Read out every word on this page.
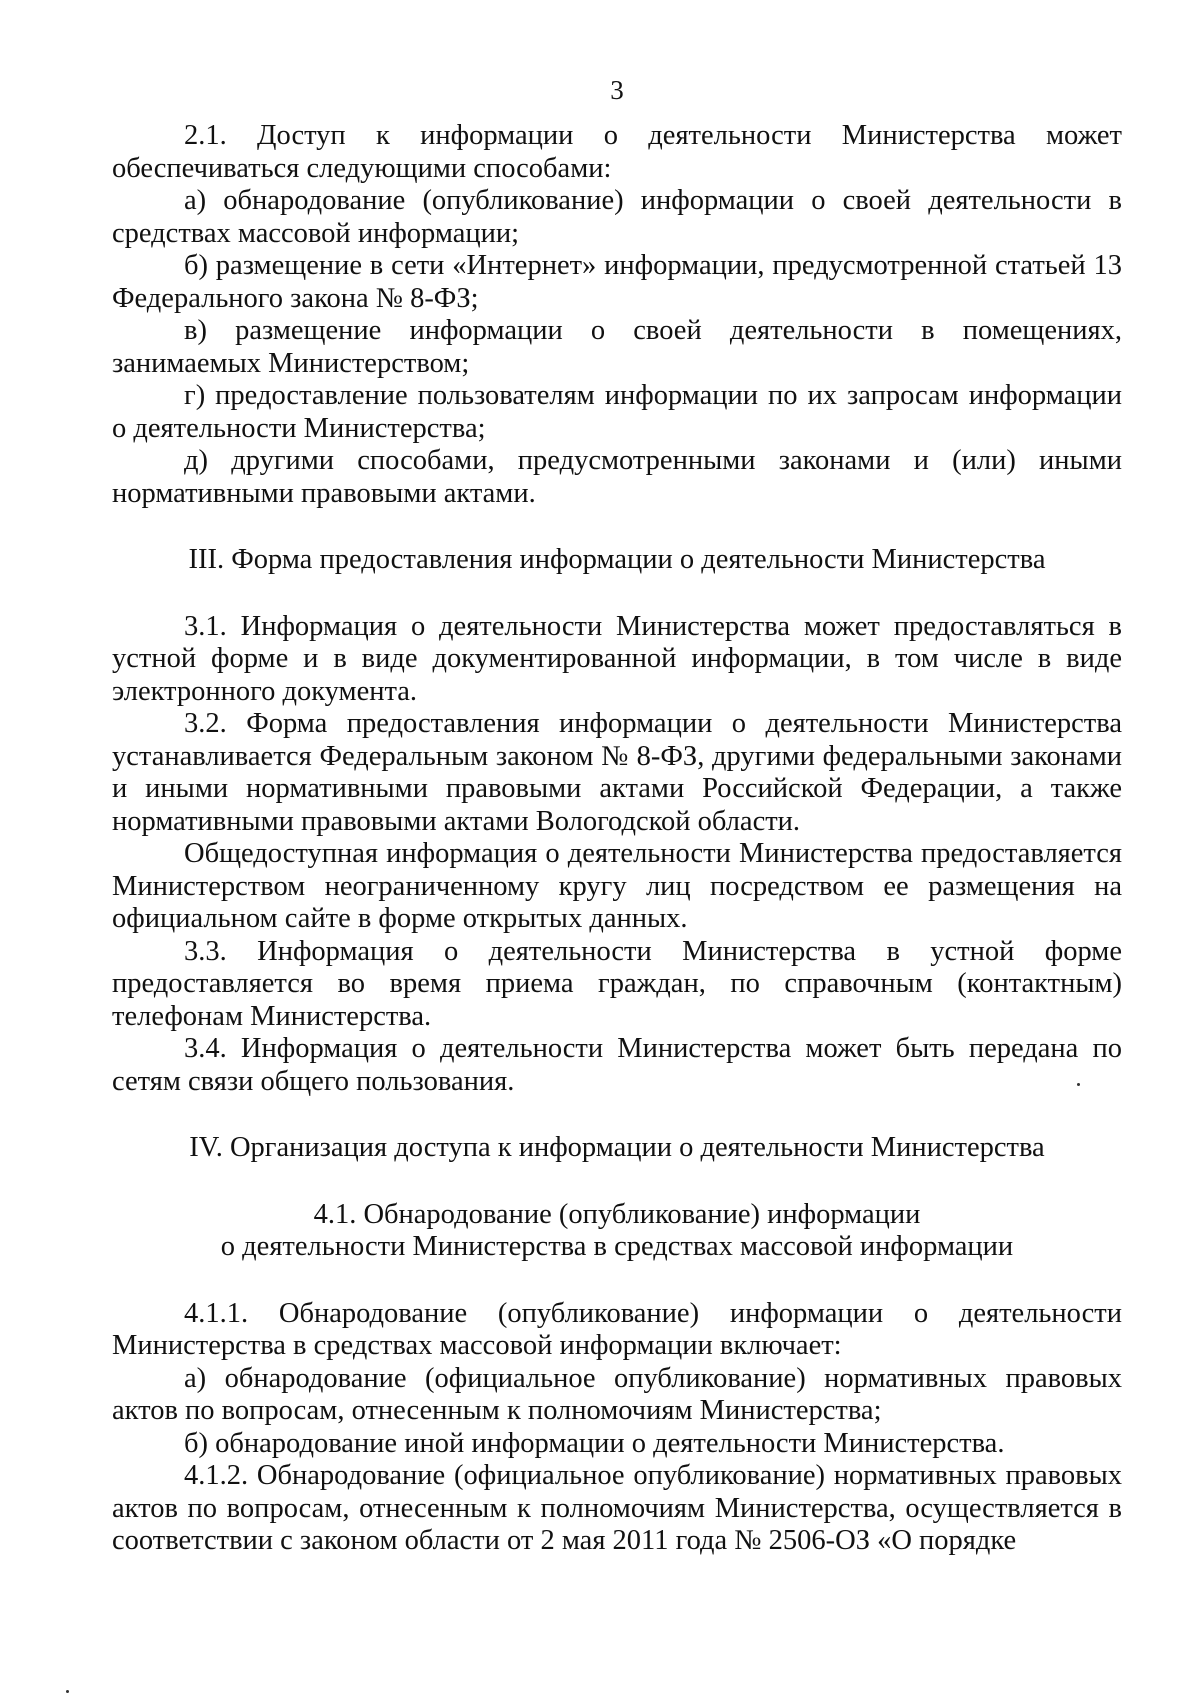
3

2.1. Доступ к информации о деятельности Министерства может обеспечиваться следующими способами:

а) обнародование (опубликование) информации о своей деятельности в средствах массовой информации;

б) размещение в сети «Интернет» информации, предусмотренной статьей 13 Федерального закона № 8-ФЗ;

в) размещение информации о своей деятельности в помещениях, занимаемых Министерством;

г) предоставление пользователям информации по их запросам информации о деятельности Министерства;

д) другими способами, предусмотренными законами и (или) иными нормативными правовыми актами.

III. Форма предоставления информации о деятельности Министерства

3.1. Информация о деятельности Министерства может предоставляться в устной форме и в виде документированной информации, в том числе в виде электронного документа.

3.2. Форма предоставления информации о деятельности Министерства устанавливается Федеральным законом № 8-ФЗ, другими федеральными законами и иными нормативными правовыми актами Российской Федерации, а также нормативными правовыми актами Вологодской области.

Общедоступная информация о деятельности Министерства предоставляется Министерством неограниченному кругу лиц посредством ее размещения на официальном сайте в форме открытых данных.

3.3. Информация о деятельности Министерства в устной форме предоставляется во время приема граждан, по справочным (контактным) телефонам Министерства.

3.4. Информация о деятельности Министерства может быть передана по сетям связи общего пользования.

IV. Организация доступа к информации о деятельности Министерства
4.1. Обнародование (опубликование) информации
о деятельности Министерства в средствах массовой информации

4.1.1. Обнародование (опубликование) информации о деятельности Министерства в средствах массовой информации включает:

а) обнародование (официальное опубликование) нормативных правовых актов по вопросам, отнесенным к полномочиям Министерства;

б) обнародование иной информации о деятельности Министерства.

4.1.2. Обнародование (официальное опубликование) нормативных правовых актов по вопросам, отнесенным к полномочиям Министерства, осуществляется в соответствии с законом области от 2 мая 2011 года № 2506-ОЗ «О порядке
